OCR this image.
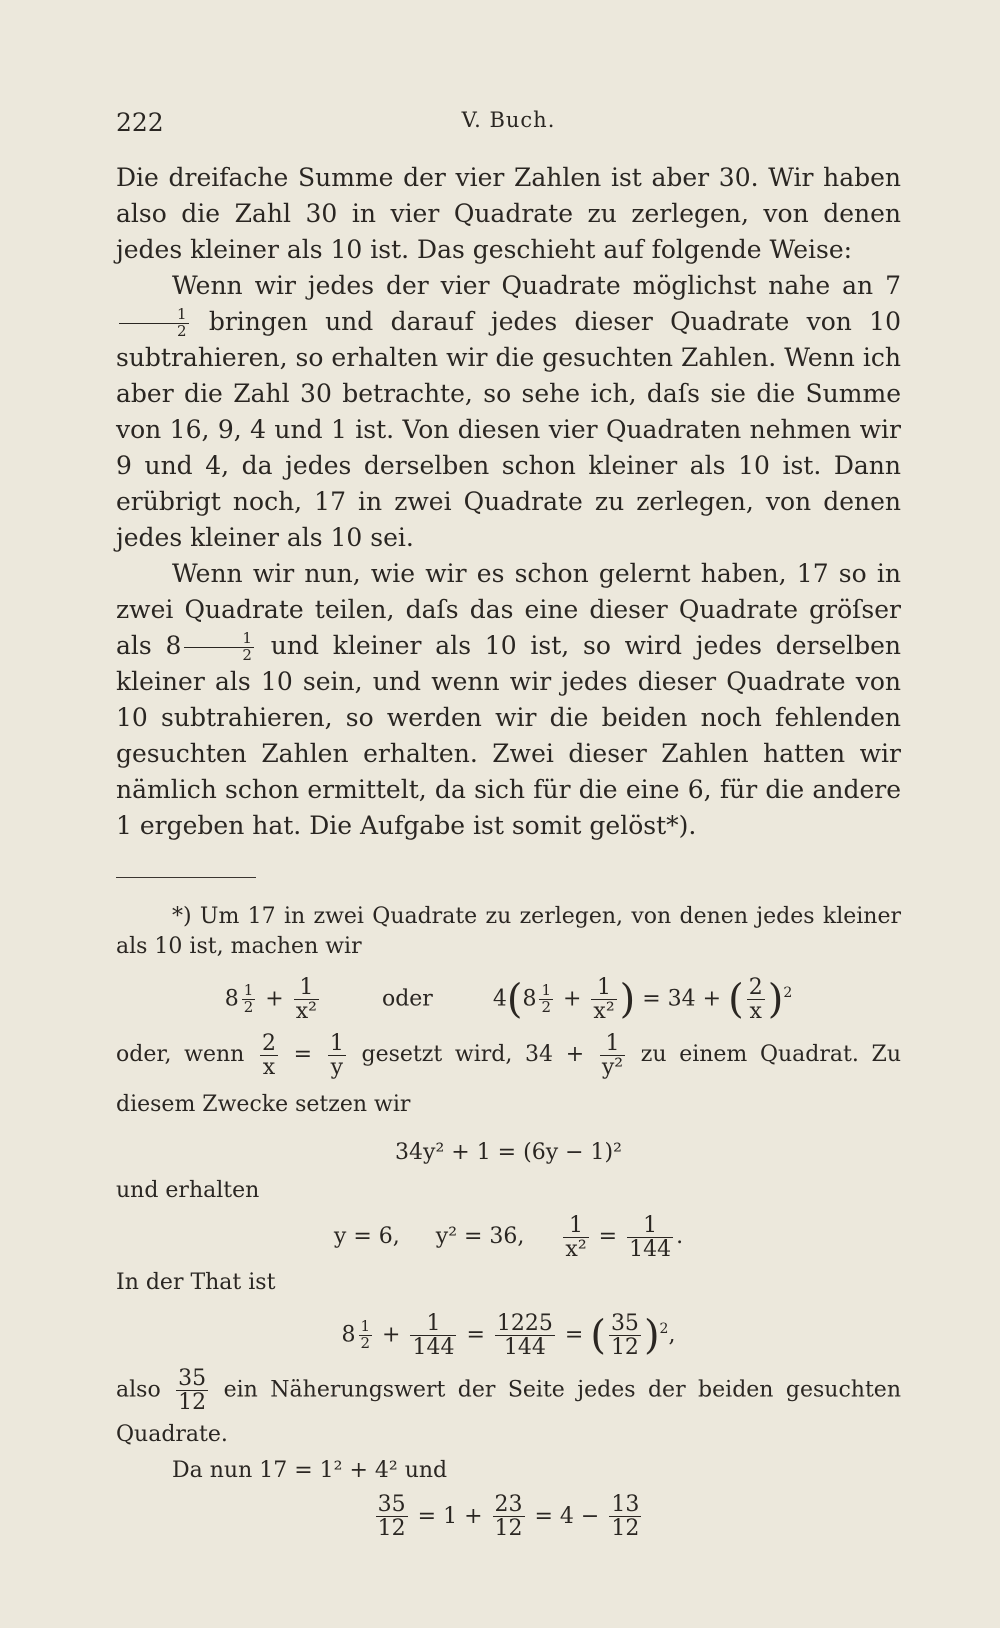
222	V. Buch.

Die dreifache Summe der vier Zahlen ist aber 30. Wir haben also die Zahl 30 in vier Quadrate zu zerlegen, von denen jedes kleiner als 10 ist. Das geschieht auf folgende Weise:

Wenn wir jedes der vier Quadrate möglichst nahe an 7
$\frac{1}{2}$ bringen und darauf jedes dieser Quadrate von 10 subtrahieren, so erhalten wir die gesuchten Zahlen. Wenn ich aber die Zahl 30 betrachte, so sehe ich, daſs sie die Summe von 16, 9, 4 und 1 ist. Von diesen vier Quadraten nehmen wir 9 und 4, da jedes derselben schon kleiner als 10 ist. Dann erübrigt noch, 17 in zwei Quadrate zu zerlegen, von denen jedes kleiner als 10 sei.

Wenn wir nun, wie wir es schon gelernt haben, 17 so in zwei Quadrate teilen, daſs das eine dieser Quadrate gröſser als $8 \frac{1}{2}$ und kleiner als 10 ist, so wird jedes derselben kleiner als 10 sein, und wenn wir jedes dieser Quadrate von 10 subtrahieren, so werden wir die beiden noch fehlenden gesuchten Zahlen erhalten. Zwei dieser Zahlen hatten wir nämlich schon ermittelt, da sich für die eine 6, für die andere 1 ergeben hat. Die Aufgabe ist somit gelöst*).

*) Um 17 in zwei Quadrate zu zerlegen, von denen jedes kleiner als 10 ist, machen wir

$8 \frac{1}{2} + \frac{1}{\text{x²}}$	oder	$4(8 \frac{1}{2} + \frac{1}{\text{x²}}$ ) = 34 + ( $\frac{2}{x} )^2$

oder, wenn $\frac{2}{x} = \frac{1}{y}$ gesetzt wird, $34 + \frac{1}{\text{y²}}$ zu einem Quadrat. Zu diesem Zwecke setzen wir

34y² + 1 = (6y − 1)²

und erhalten

y = 6, y² = 36, $\frac{1}{\text{x²}} = \frac{1}{144}$ .

In der That ist

$8 \frac{1}{2} + \frac{1}{144} = \frac{1225}{144}$ = ( $\frac{35}{12} )^2$,

also $\frac{35}{12}$ ein Näherungswert der Seite jedes der beiden gesuchten Quadrate.

Da nun 17 = 1² + 4² und

$\frac{35}{12} = 1 + \frac{23}{12} = 4 - \frac{13}{12}$
